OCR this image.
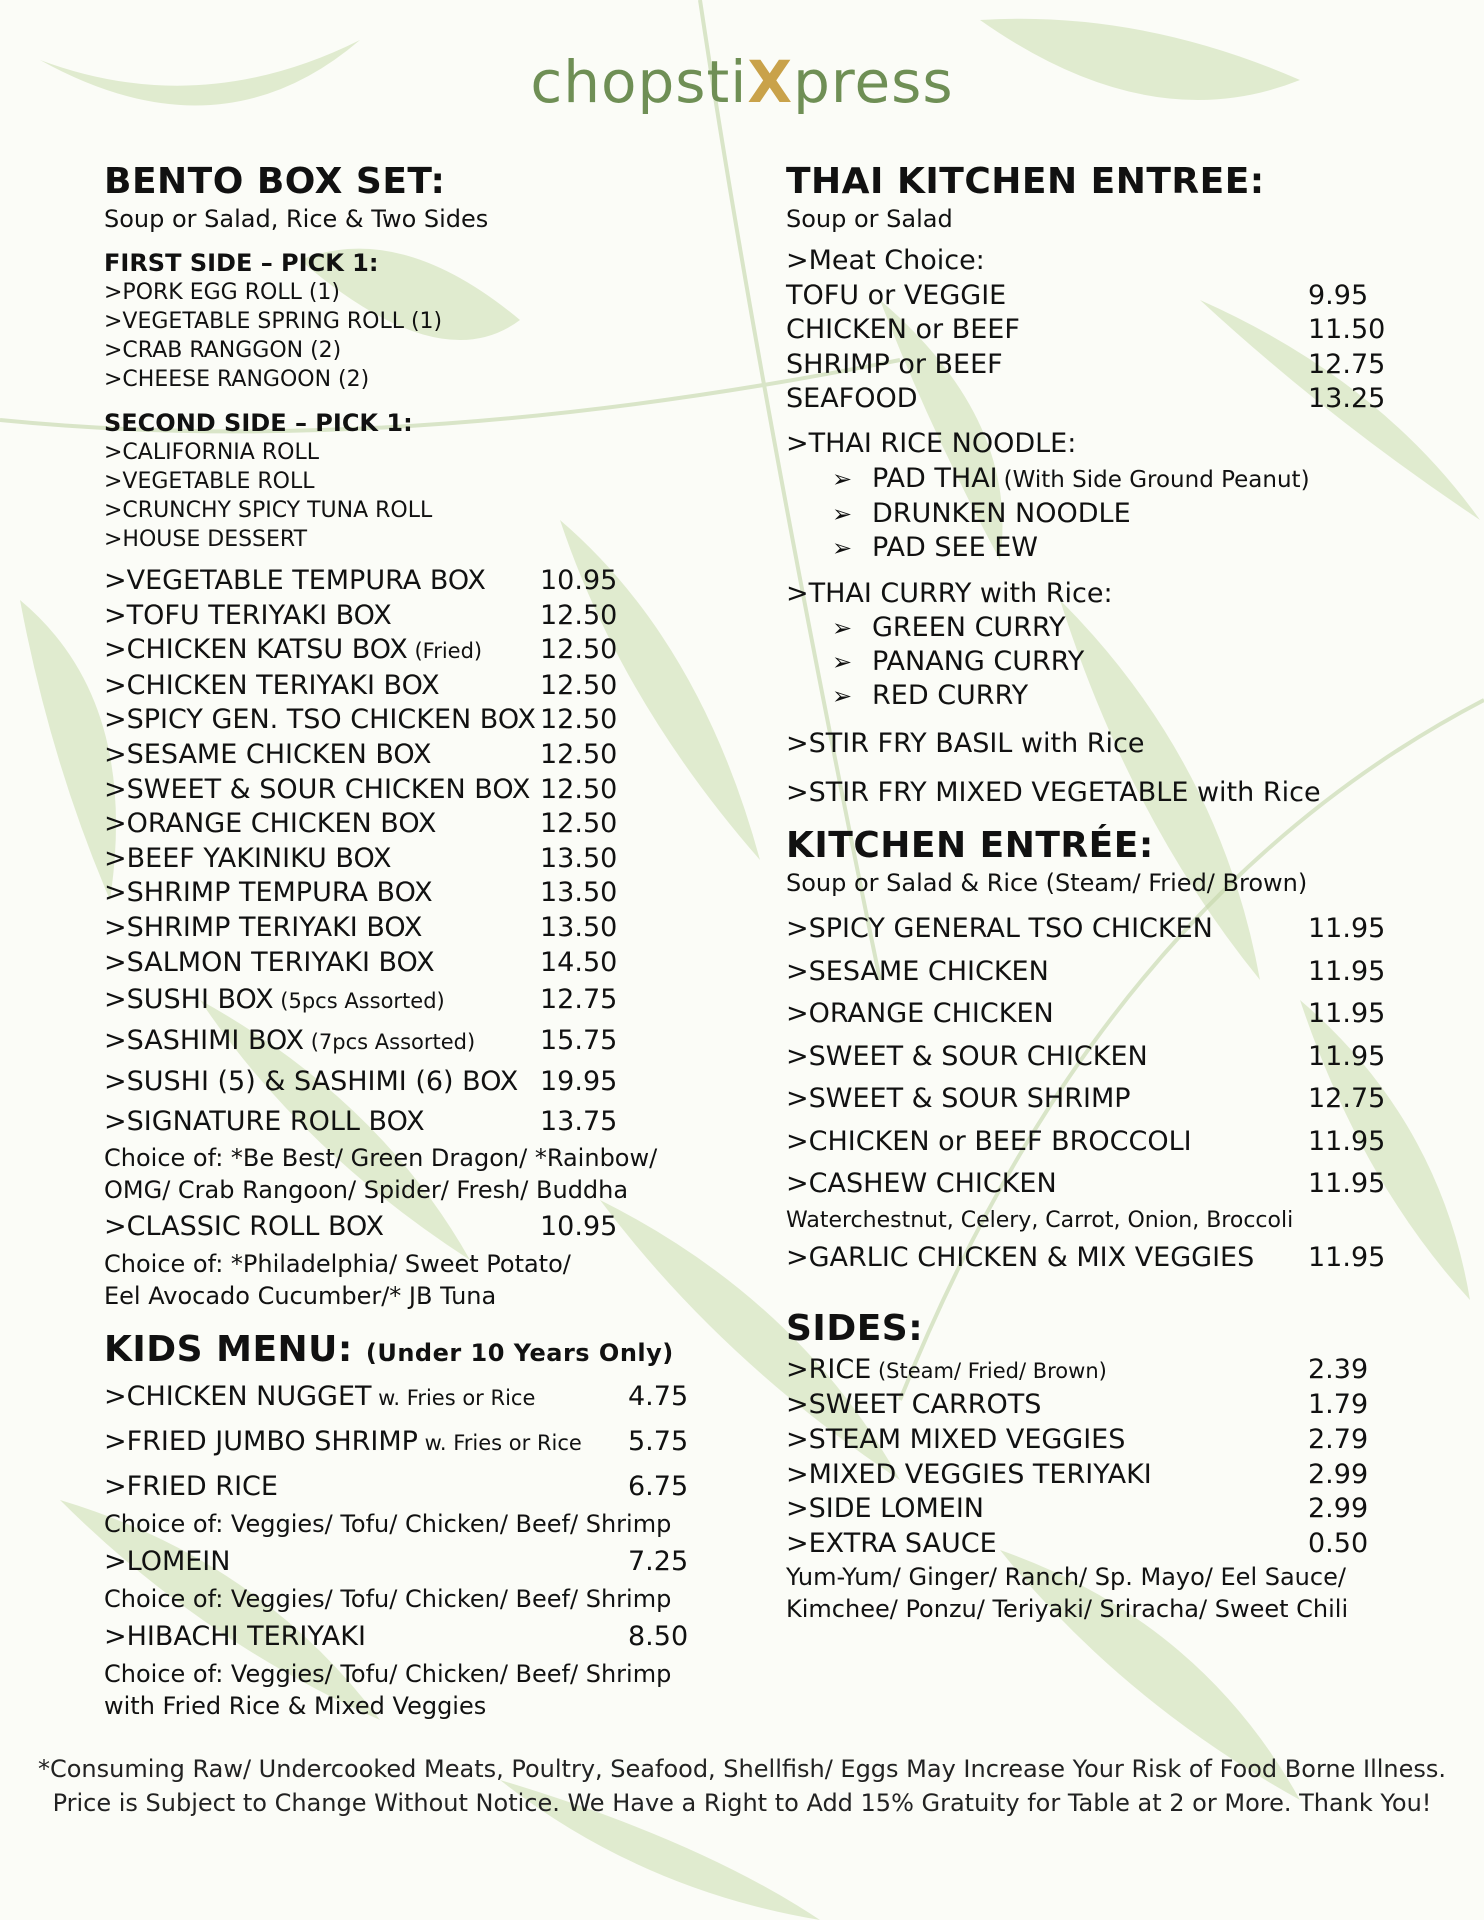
chopstiXpress
BENTO BOX SET:
Soup or Salad, Rice & Two Sides
FIRST SIDE – PICK 1:
>PORK EGG ROLL (1)
>VEGETABLE SPRING ROLL (1)
>CRAB RANGGON (2)
>CHEESE RANGOON (2)
SECOND SIDE – PICK 1:
>CALIFORNIA ROLL
>VEGETABLE ROLL
>CRUNCHY SPICY TUNA ROLL
>HOUSE DESSERT
>VEGETABLE TEMPURA BOX 10.95
>TOFU TERIYAKI BOX	12.50
>CHICKEN KATSU BOX (Fried) 12.50
>CHICKEN TERIYAKI BOX	12.50
>SPICY GEN. TSO CHICKEN BOX 12.50
>SESAME CHICKEN BOX	12.50
>SWEET & SOUR CHICKEN BOX 12.50
>ORANGE CHICKEN BOX	12.50
>BEEF YAKINIKU BOX	13.50
>SHRIMP TEMPURA BOX	13.50
>SHRIMP TERIYAKI BOX	13.50
>SALMON TERIYAKI BOX	14.50
>SUSHI BOX (5pcs Assorted)	12.75
>SASHIMI BOX (7pcs Assorted) 15.75
>SUSHI (5) & SASHIMI (6) BOX 19.95
>SIGNATURE ROLL BOX	13.75
Choice of: *Be Best/ Green Dragon/ *Rainbow/
OMG/ Crab Rangoon/ Spider/ Fresh/ Buddha
>CLASSIC ROLL BOX	10.95
Choice of: *Philadelphia/ Sweet Potato/
Eel Avocado Cucumber/* JB Tuna
KIDS MENU: (Under 10 Years Only)
>CHICKEN NUGGET w. Fries or Rice	4.75
>FRIED JUMBO SHRIMP w. Fries or Rice 5.75
>FRIED RICE	6.75
Choice of: Veggies/ Tofu/ Chicken/ Beef/ Shrimp
>LOMEIN	7.25
Choice of: Veggies/ Tofu/ Chicken/ Beef/ Shrimp
>HIBACHI TERIYAKI	8.50
Choice of: Veggies/ Tofu/ Chicken/ Beef/ Shrimp
with Fried Rice & Mixed Veggies
THAI KITCHEN ENTREE:
Soup or Salad
>Meat Choice:
TOFU or VEGGIE	9.95
CHICKEN or BEEF	11.50
SHRIMP or BEEF	12.75
SEAFOOD	13.25
>THAI RICE NOODLE:
➢ PAD THAI (With Side Ground Peanut)
➢ DRUNKEN NOODLE
➢ PAD SEE EW
>THAI CURRY with Rice:
➢ GREEN CURRY
➢ PANANG CURRY
➢ RED CURRY
>STIR FRY BASIL with Rice
>STIR FRY MIXED VEGETABLE with Rice
KITCHEN ENTRÉE:
Soup or Salad & Rice (Steam/ Fried/ Brown)
>SPICY GENERAL TSO CHICKEN	11.95
>SESAME CHICKEN	11.95
>ORANGE CHICKEN	11.95
>SWEET & SOUR CHICKEN	11.95
>SWEET & SOUR SHRIMP	12.75
>CHICKEN or BEEF BROCCOLI	11.95
>CASHEW CHICKEN	11.95
Waterchestnut, Celery, Carrot, Onion, Broccoli
>GARLIC CHICKEN & MIX VEGGIES 11.95
SIDES:
>RICE (Steam/ Fried/ Brown)	2.39
>SWEET CARROTS	1.79
>STEAM MIXED VEGGIES	2.79
>MIXED VEGGIES TERIYAKI	2.99
>SIDE LOMEIN	2.99
>EXTRA SAUCE	0.50
Yum-Yum/ Ginger/ Ranch/ Sp. Mayo/ Eel Sauce/
Kimchee/ Ponzu/ Teriyaki/ Sriracha/ Sweet Chili
*Consuming Raw/ Undercooked Meats, Poultry, Seafood, Shellfish/ Eggs May Increase Your Risk of Food Borne Illness.
Price is Subject to Change Without Notice. We Have a Right to Add 15% Gratuity for Table at 2 or More. Thank You!
